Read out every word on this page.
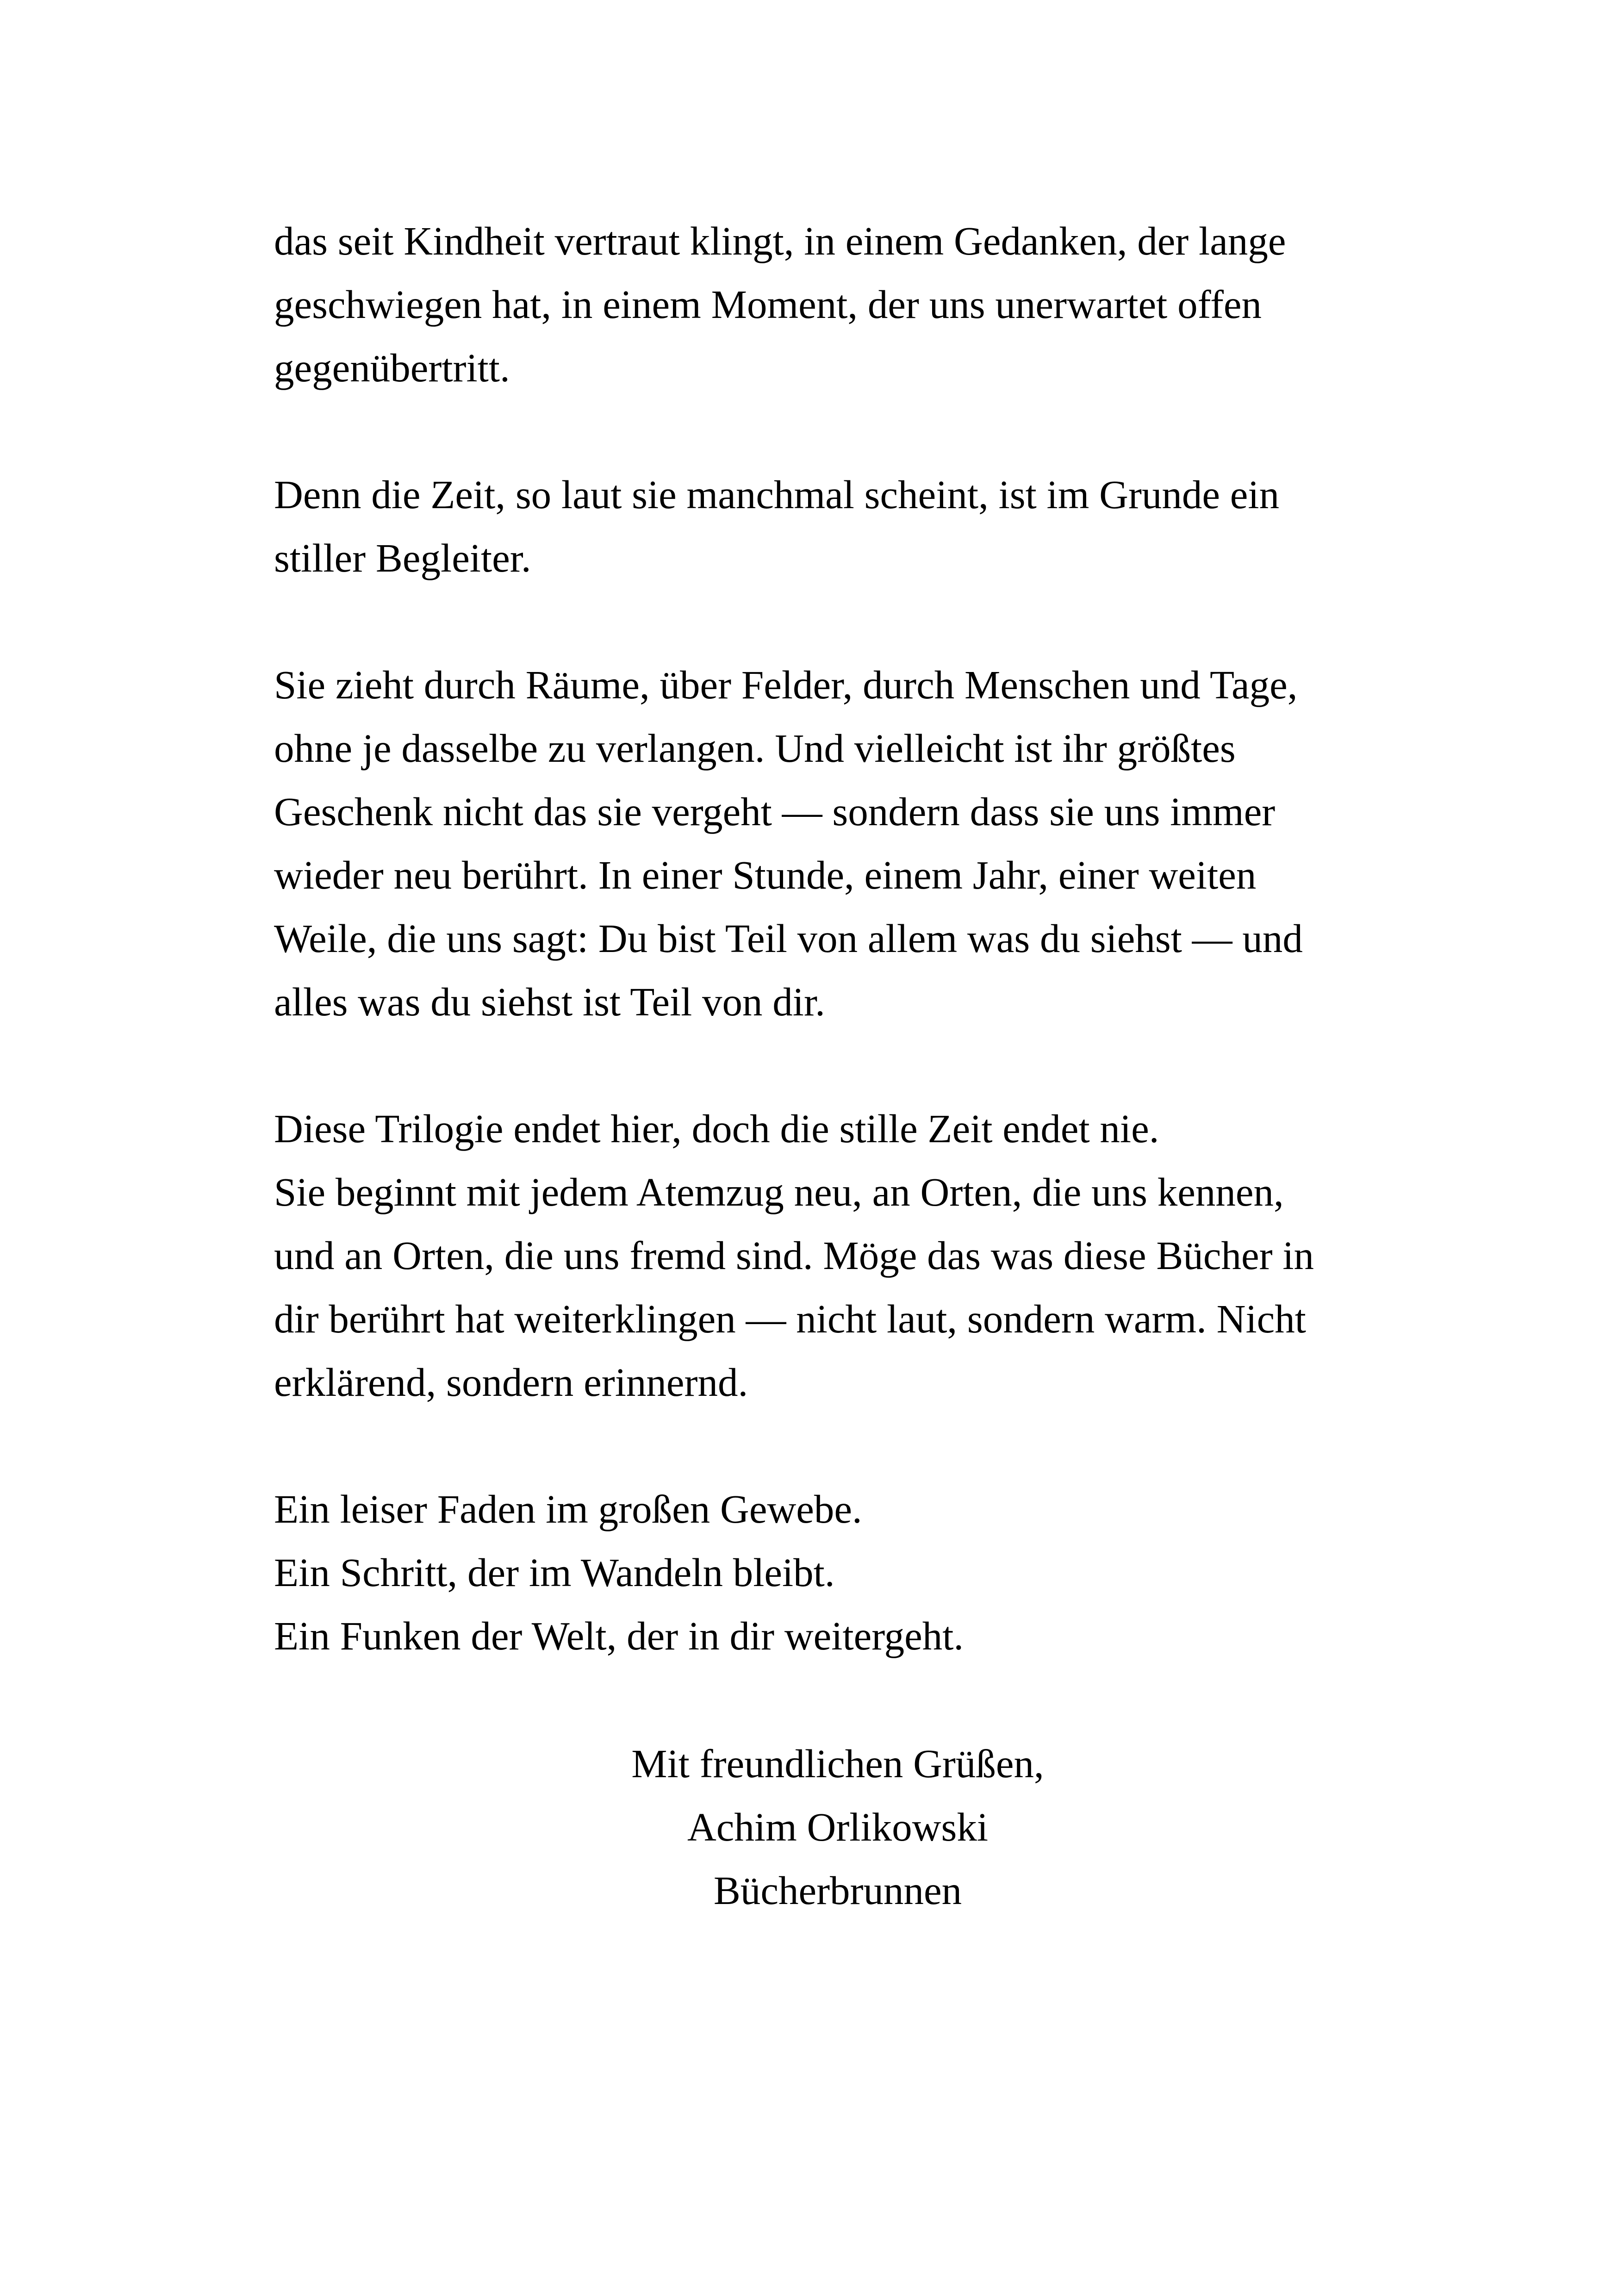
das seit Kindheit vertraut klingt, in einem Gedanken, der lange
geschwiegen hat, in einem Moment, der uns unerwartet offen
gegenübertritt.

Denn die Zeit, so laut sie manchmal scheint, ist im Grunde ein
stiller Begleiter.

Sie zieht durch Räume, über Felder, durch Menschen und Tage,
ohne je dasselbe zu verlangen. Und vielleicht ist ihr größtes
Geschenk nicht das sie vergeht — sondern dass sie uns immer
wieder neu berührt. In einer Stunde, einem Jahr, einer weiten
Weile, die uns sagt: Du bist Teil von allem was du siehst — und
alles was du siehst ist Teil von dir.

Diese Trilogie endet hier, doch die stille Zeit endet nie.
Sie beginnt mit jedem Atemzug neu, an Orten, die uns kennen,
und an Orten, die uns fremd sind. Möge das was diese Bücher in
dir berührt hat weiterklingen — nicht laut, sondern warm. Nicht
erklärend, sondern erinnernd.

Ein leiser Faden im großen Gewebe.
Ein Schritt, der im Wandeln bleibt.
Ein Funken der Welt, der in dir weitergeht.

Mit freundlichen Grüßen,
Achim Orlikowski
Bücherbrunnen
